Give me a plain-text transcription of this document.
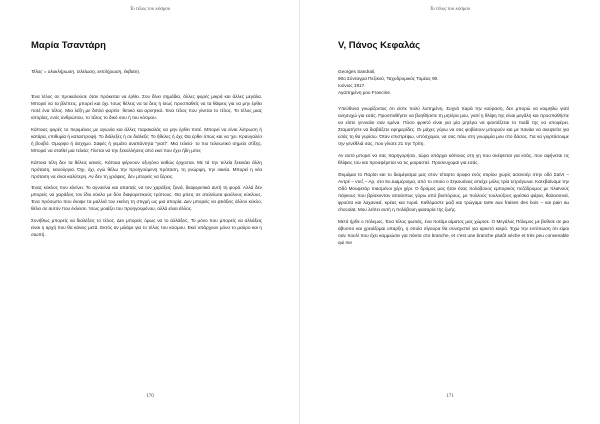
Το τέλος του κόσμου
Μαρία Τσαντάρη

Τέλος = ολοκλήρωση, τελείωση, εκπλήρωση, έκβαση.

Ένα τέλος σε προκαλούσε όταν πρόκειται να έρθει. Σου δίνει σημάδια, άλλες φορές μικρά και άλλες μεγάλα. Μπορεί να τα βλέπεις, μπορεί και όχι. Ίσως θέλεις να τα δεις ή ίσως προσπαθείς να τα θάψεις για να μην έρθει ποτέ ένα τέλος. Μια λέξη με διπλό φορτίο· θετικό και αρνητικό. Ένα τέλος που γίνεται το τέλος. Το τέλος μιας ιστορίας, ενός ανθρώπου, το τέλος το δικό σου ή του κόσμου.

Κάποιες φορές το περιμένεις με αγωνία και άλλες παρακαλάς να μην έρθει ποτέ. Μπορεί να είναι λύτρωση ή κατάρα, επιθυμία ή καταστροφή. Το διάλεξες ή σε διάλεξε; Το ήθελες ή όχι; Θα έρθει όπως και να 'χει. Κραυγαλέο ή βουβό. Ομορφο ή άσχημο. Σαφές ή γεμάτο αναπάντητα "γιατί". Μια τελεία· το πιο τελειωτικό σημείο στίξης. Μπορεί να σταθεί μια τελεία; Γίνεται να την ξεκολλήσεις από εκεί που έχει ήδη μπει;

Κάποια τέλη δεν τα θέλεις κανείς. Κάποια φέρνουν οξυγόνο καθώς έρχονται. Με τά την τελεία ξεκινάει άλλη πρόταση, κανούργια. Όχι, όχι, εγώ θέλω την προηγούμενη πρόταση, τη γνώριμη, την οικεία. Μπορεί η νέα πρόταση να είναι καλύτερη. Αν δεν τη γράψεις, δεν μπορείς να ξέρεις.

Ένας κύκλος που κλείνει. Το αγνοείνα και απαιτείς να τον χαράξεις ξανά, διαφορετικά αυτή τη φορά. Αλλά δεν μπορείς να χαράξεις τον ίδιο κύκλο με δύο διαφορετικούς τρόπους. Θα μπεις σε ατελείωτα φαύλους κύκλους. Ένα πρόσωπο που έκοψε τα μαλλιά του εκείνη τη στιγμή ως μια απορία. Δεν μπορείς να φτιάξεις άλλον κύκλο, θέλει σε αυτόν που έκλεισε. Ίσως μοιάζει του προηγουμένου, αλλά είναι άλλος.

Συνήθως μπορείς να διαλέξεις το τέλος. Δεν μπορείς όμως να το αλλάξεις. Το μόνο που μπορείς να αλλάξεις είναι η αρχή που θα κάνεις μετά. Εκτός αν μιλάμε για το τέλος του κόσμου. Εκεί υπάρχουν μόνο το μαύρο και η σιωπή.

170
Το τέλος του κόσμου
V, Πάνος Κεφαλάς

Georges Sandrail,

90ο Σύνταγμα Πεζικού, Ταχυδρομικός Τομέας 90.

Ιούνιος 1917.

Αγαπημένη μου Francine.

Υπεύθυνα γνωρίζοντας ότι είστε πολύ λυπημένη. Συχνά παρά την κούραση, δεν μπορώ να κοιμηθώ γιατί ανησυχώ για εσάς. Προσπαθήστε να βοηθήσετε τη μητέρα μου, γιατί η θλίψη της είναι μεγάλη και προσπαθήστε να είστε γενναίοι σαν εμένα. Πόσο φρικτό είναι για μία μητέρα να φαντάζεται το παιδί της να υποφέρει. Σταματήστε να διαβάζετε εφημερίδες. Οι μάχες γύρω να σας φοβίσουν μπορούν και με πανάει να σκεφτείτε για εσάς τη θα γυρίσω. Όταν επιστρέψω, υπόσχομαι, να σας πάω στη γνωριμία μου στο δάσος. Για να γιορτάσουμε την γενέθλιά σας, που γίνατε 21 την Τρίτη.

Αν αυτό μπορεί να σας παρηγορήσει, τώρα υπάρχει κάποιος στη γη που σκέφτεται για εσάς, που αφήνεται τις θλίψεις του και προσφέρεται να τις μοιραστεί. Προσευχομαι για εσάς.

Θυμάμαι το Παρίσι και το διαμέρισμα μας στον τέταρτο όροφο ενός κτιρίου χωρίς ασανσέρ στην οδό Σαίντ – Αντρέ – ντεζ – Αρ, στο 5ο Διαμέρισμα, από το οποίο ο Σηκουάνας απείχε μόλις τρία τετράγωνα. Κατεβαίναμε την Οδό Μουφετάρ πιασμένοι χέρι χέρι. Ο δρόμος μας ήταν ένας πολύβουος εμπορικός πεζόδρομος με πλαϊνούς πάγκους που βρίσκονταν απαύστως γύρω από βιοπόρους, με πολλούς τουλούζους φρέσκα ψάρια, θαλασσινά, φρούτα και λαχανικά, κρέας και τυριά. Καθόμαστε μαζί και τρώγαμε tarte aux fraises des bois – και pain au chocolat. Μου λείπει αυτή η πολύβουη φασαρία της ζωής.

Μετά ήρθε ο πόλεμος. Ένα τέλος φωτιάς, ένα ποτάμι αίματος μας χώρισε. Ο Μεγάλος Πόλεμος με βυθισε σε μια άβυσσο και χρειάζομαι υπαρξη, η οποία σίγουρα θα συνεχιστεί για αρκετό καιρό. Έχω την εντύπωση ότι είμαι σαν πουλί που έχει καμμιώσει για πάντα στο branche, et c'est une branche plutôt sèche et très peu convenable qui me

171
